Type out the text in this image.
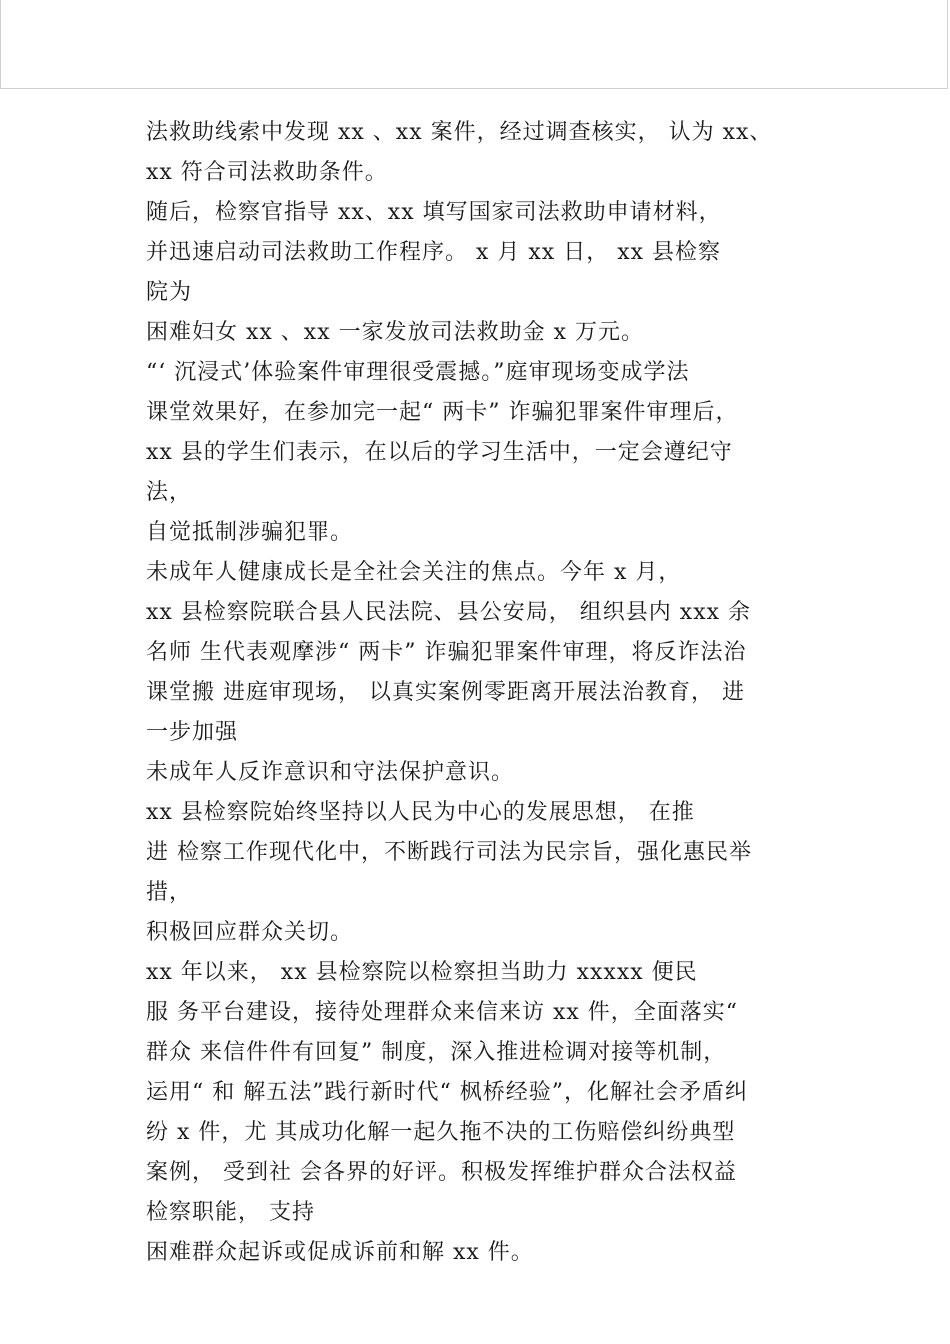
法救助线索中发现 xx 、xx 案件，经过调查核实， 认为 xx、
xx 符合司法救助条件。
随后，检察官指导 xx、xx 填写国家司法救助申请材料，
并迅速启动司法救助工作程序。 x 月 xx 日， xx 县检察
院为
困难妇女 xx 、xx 一家发放司法救助金 x 万元。
“‘ 沉浸式’体验案件审理很受震撼。”庭审现场变成学法
课堂效果好，在参加完一起“ 两卡” 诈骗犯罪案件审理后，
xx 县的学生们表示，在以后的学习生活中，一定会遵纪守
法，
自觉抵制涉骗犯罪。
未成年人健康成长是全社会关注的焦点。今年 x 月，
xx 县检察院联合县人民法院、县公安局， 组织县内 xxx 余
名师 生代表观摩涉“ 两卡” 诈骗犯罪案件审理，将反诈法治
课堂搬 进庭审现场， 以真实案例零距离开展法治教育， 进
一步加强
未成年人反诈意识和守法保护意识。
xx 县检察院始终坚持以人民为中心的发展思想， 在推
进 检察工作现代化中，不断践行司法为民宗旨，强化惠民举
措，
积极回应群众关切。
xx 年以来， xx 县检察院以检察担当助力 xxxxx 便民
服 务平台建设，接待处理群众来信来访 xx 件，全面落实“
群众 来信件件有回复” 制度，深入推进检调对接等机制，
运用“ 和 解五法”践行新时代“ 枫桥经验”，化解社会矛盾纠
纷 x 件，尤 其成功化解一起久拖不决的工伤赔偿纠纷典型
案例， 受到社 会各界的好评。积极发挥维护群众合法权益
检察职能， 支持
困难群众起诉或促成诉前和解 xx 件。
